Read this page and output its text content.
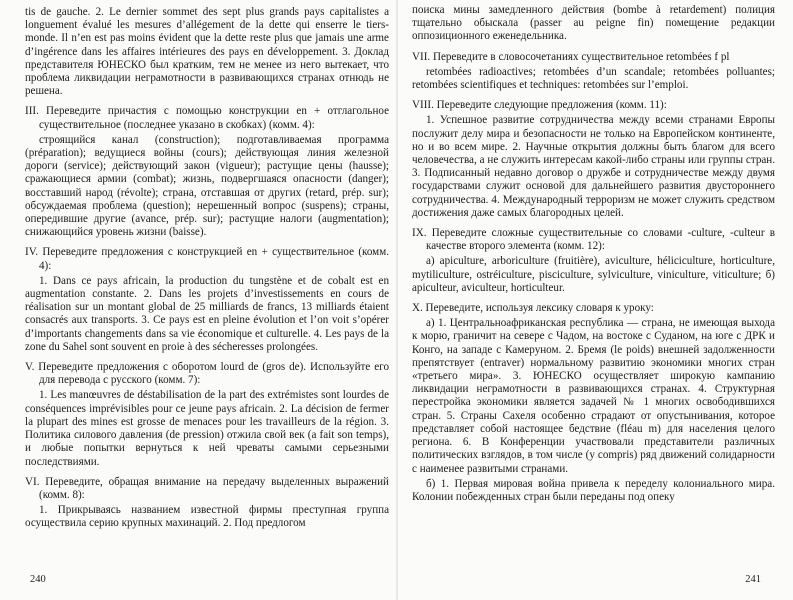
tis de gauche. 2. Le dernier sommet des sept plus grands pays capitalistes a longuement évalué les mesures d’allégement de la dette qui enserre le tiers-monde. Il n’en est pas moins évident que la dette reste plus que jamais une arme d’ingérence dans les affaires intérieures des pays en développement. 3. Доклад представителя ЮНЕСКО был кратким, тем не менее из него вытекает, что проблема ликвидации неграмотности в развивающихся странах отнюдь не решена.

III. Переведите причастия с помощью конструкции en + отглагольное существительное (последнее указано в скобках) (комм. 4):

строящийся канал (construction); подготавливаемая программа (préparation); ведущиеся войны (cours); действующая линия железной дороги (service); действующий закон (vigueur); растущие цены (hausse); сражающиеся армии (combat); жизнь, подвергшаяся опасности (danger); восставший народ (révolte); страна, отставшая от других (retard, prép. sur); обсуждаемая проблема (question); нерешенный вопрос (suspens); страны, опередившие другие (avance, prép. sur); растущие налоги (augmentation); снижающийся уровень жизни (baisse).

IV. Переведите предложения с конструкцией en + существительное (комм. 4):

1. Dans ce pays africain, la production du tungstène et de cobalt est en augmentation constante. 2. Dans les projets d’investissements en cours de réalisation sur un montant global de 25 milliards de francs, 13 milliards étaient consacrés aux transports. 3. Ce pays est en pleine évolution et l’on voit s’opérer d’importants changements dans sa vie économique et culturelle. 4. Les pays de la zone du Sahel sont souvent en proie à des sécheresses prolongées.

V. Переведите предложения с оборотом lourd de (gros de). Используйте его для перевода с русского (комм. 7):

1. Les manœuvres de déstabilisation de la part des extrémistes sont lourdes de conséquences imprévisibles pour ce jeune pays africain. 2. La décision de fermer la plupart des mines est grosse de menaces pour les travailleurs de la région. 3. Политика силового давления (de pression) отжила свой век (a fait son temps), и любые попытки вернуться к ней чреваты самыми серьезными последствиями.

VI. Переведите, обращая внимание на передачу выделенных выражений (комм. 8):

1. Прикрываясь названием известной фирмы преступная группа осуществила серию крупных махинаций. 2. Под предлогом

240

поиска мины замедленного действия (bombe à retardement) полиция тщательно обыскала (passer au peigne fin) помещение редакции оппозиционного еженедельника.

VII. Переведите в словосочетаниях существительное retombées f pl

retombées radioactives; retombées d’un scandale; retombées polluantes; retombées scientifiques et techniques: retombées sur l’emploi.

VIII. Переведите следующие предложения (комм. 11):

1. Успешное развитие сотрудничества между всеми странами Европы послужит делу мира и безопасности не только на Европейском континенте, но и во всем мире. 2. Научные открытия должны быть благом для всего человечества, а не служить интересам какой-либо страны или группы стран. 3. Подписанный недавно договор о дружбе и сотрудничестве между двумя государствами служит основой для дальнейшего развития двустороннего сотрудничества. 4. Международный терроризм не может служить средством достижения даже самых благородных целей.

IX. Переведите сложные существительные со словами -culture, -culteur в качестве второго элемента (комм. 12):

а) apiculture, arboriculture (fruitière), aviculture, héliciculture, horticulture, mytiliculture, ostréiculture, pisciculture, sylviculture, viniculture, viticulture; б) apiculteur, aviculteur, horticulteur.

X. Переведите, используя лексику словаря к уроку:

а) 1. Центральноафриканская республика — страна, не имеющая выхода к морю, граничит на севере с Чадом, на востоке с Суданом, на юге с ДРК и Конго, на западе с Камеруном. 2. Бремя (le poids) внешней задолженности препятствует (entraver) нормальному развитию экономики многих стран «третьего мира». 3. ЮНЕСКО осуществляет широкую кампанию ликвидации неграмотности в развивающихся странах. 4. Структурная перестройка экономики является задачей № 1 многих освободившихся стран. 5. Страны Сахеля особенно страдают от опустынивания, которое представляет собой настоящее бедствие (fléau m) для населения целого региона. 6. В Конференции участвовали представители различных политических взглядов, в том числе (y compris) ряд движений солидарности с наименее развитыми странами.

б) 1. Первая мировая война привела к переделу колониального мира. Колонии побежденных стран были переданы под опеку

241
